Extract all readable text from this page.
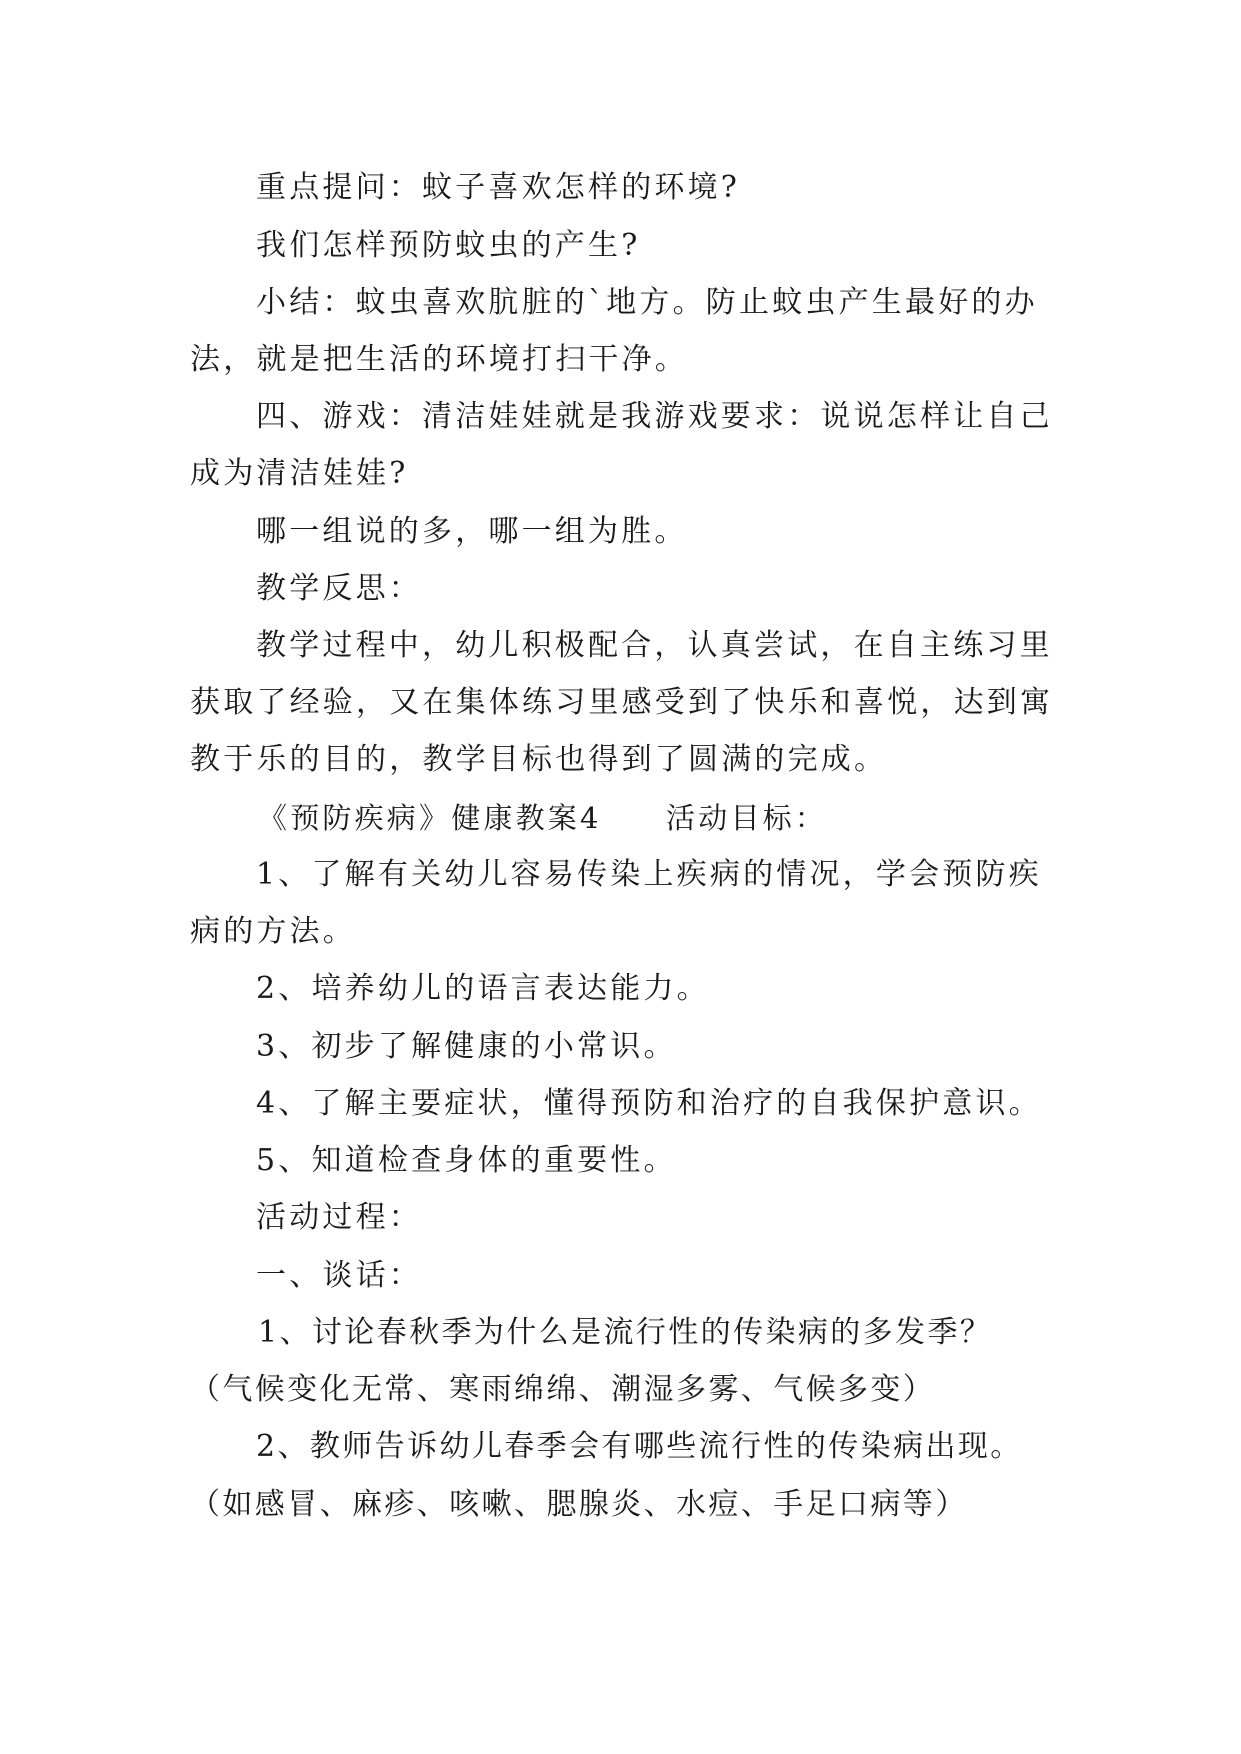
重点提问：蚊子喜欢怎样的环境?
我们怎样预防蚊虫的产生?
小结：蚊虫喜欢肮脏的`地方。防止蚊虫产生最好的办
法，就是把生活的环境打扫干净。
四、游戏：清洁娃娃就是我游戏要求：说说怎样让自己
成为清洁娃娃?
哪一组说的多，哪一组为胜。
教学反思：
教学过程中，幼儿积极配合，认真尝试，在自主练习里
获取了经验，又在集体练习里感受到了快乐和喜悦，达到寓
教于乐的目的，教学目标也得到了圆满的完成。
《预防疾病》健康教案4　　活动目标：
1、了解有关幼儿容易传染上疾病的情况，学会预防疾
病的方法。
2、培养幼儿的语言表达能力。
3、初步了解健康的小常识。
4、了解主要症状，懂得预防和治疗的自我保护意识。
5、知道检查身体的重要性。
活动过程：
一、谈话：
1、讨论春秋季为什么是流行性的传染病的多发季？
（气候变化无常、寒雨绵绵、潮湿多雾、气候多变）
2、教师告诉幼儿春季会有哪些流行性的传染病出现。
（如感冒、麻疹、咳嗽、腮腺炎、水痘、手足口病等）
